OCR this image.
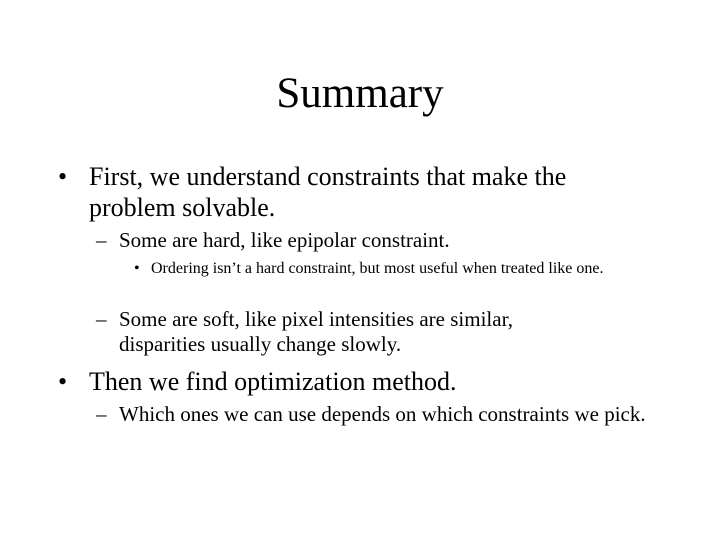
Summary
• First, we understand constraints that make the problem solvable.
– Some are hard, like epipolar constraint.
• Ordering isn’t a hard constraint, but most useful when treated like one.
– Some are soft, like pixel intensities are similar, disparities usually change slowly.
• Then we find optimization method.
– Which ones we can use depends on which constraints we pick.
